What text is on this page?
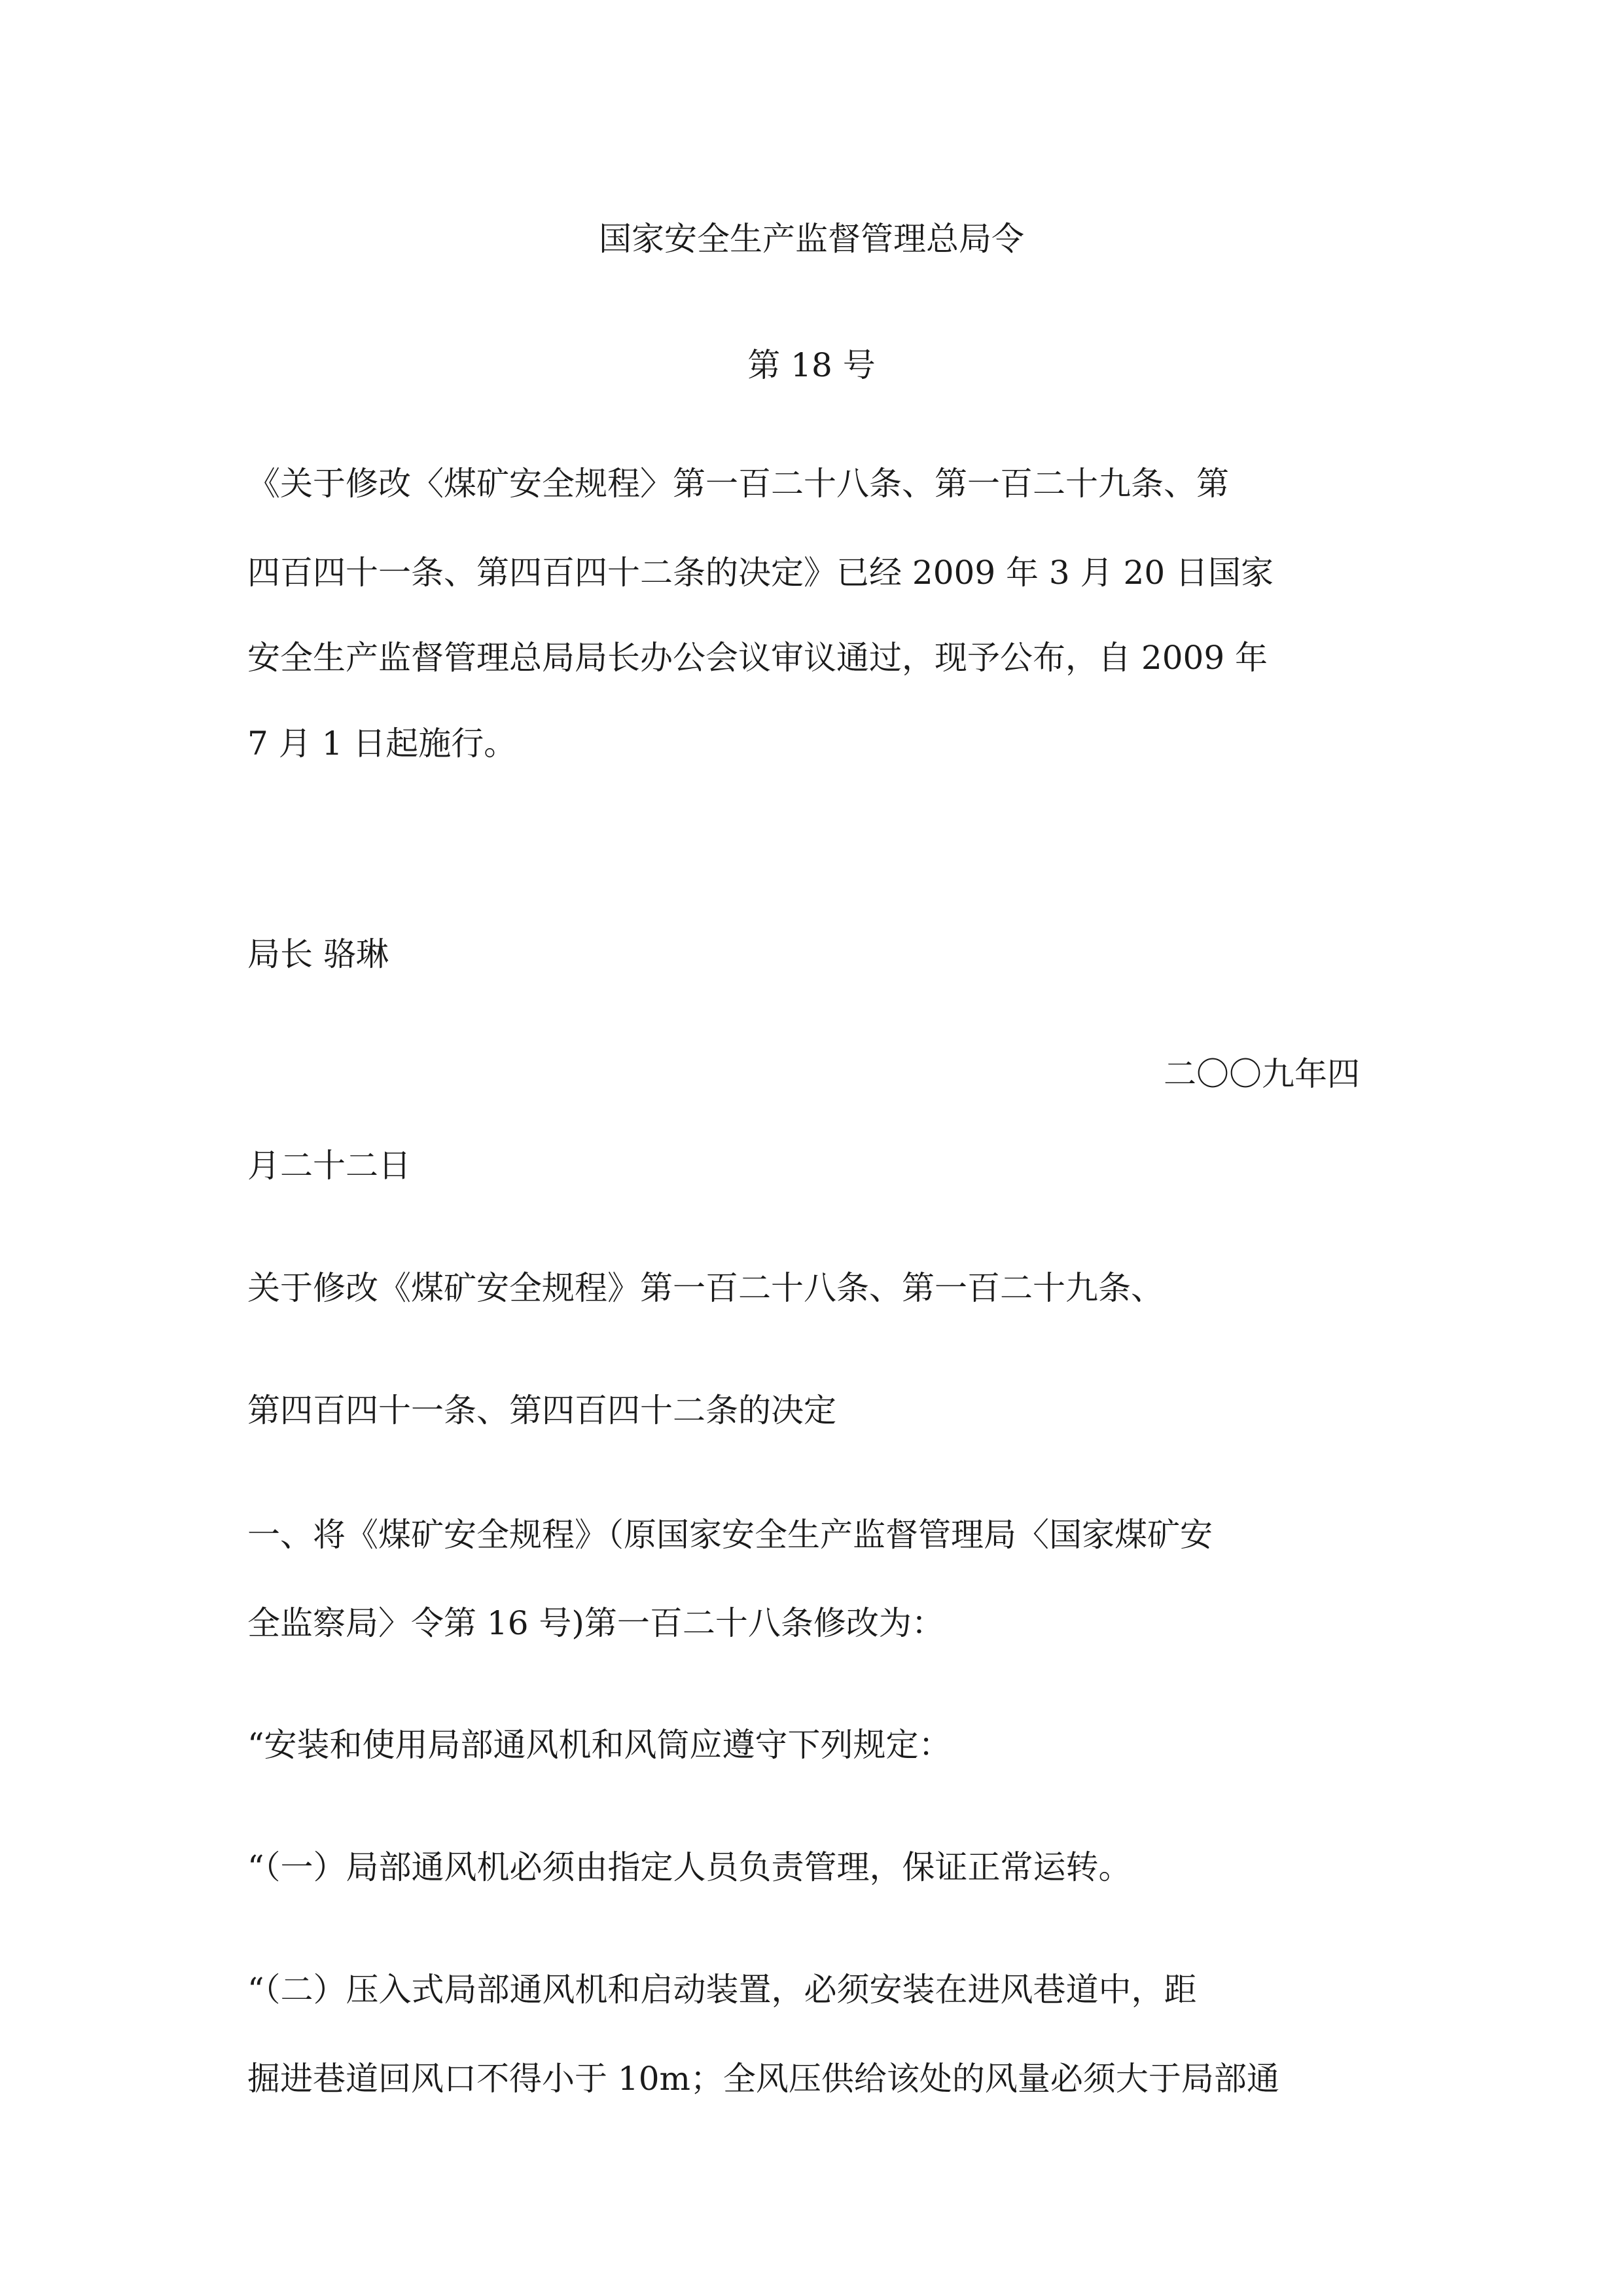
国家安全生产监督管理总局令
第 18 号

《关于修改〈煤矿安全规程〉第一百二十八条、第一百二十九条、第

四百四十一条、第四百四十二条的决定》已经 2009 年 3 月 20 日国家

安全生产监督管理总局局长办公会议审议通过，现予公布，自 2009 年

7 月 1 日起施行。

局长 骆琳

二〇〇九年四

月二十二日

关于修改《煤矿安全规程》第一百二十八条、第一百二十九条、

第四百四十一条、第四百四十二条的决定

一、将《煤矿安全规程》（原国家安全生产监督管理局〈国家煤矿安

全监察局〉令第 16 号)第一百二十八条修改为：

“安装和使用局部通风机和风筒应遵守下列规定：

“（一）局部通风机必须由指定人员负责管理，保证正常运转。

“（二）压入式局部通风机和启动装置，必须安装在进风巷道中，距

掘进巷道回风口不得小于 10m；全风压供给该处的风量必须大于局部通
